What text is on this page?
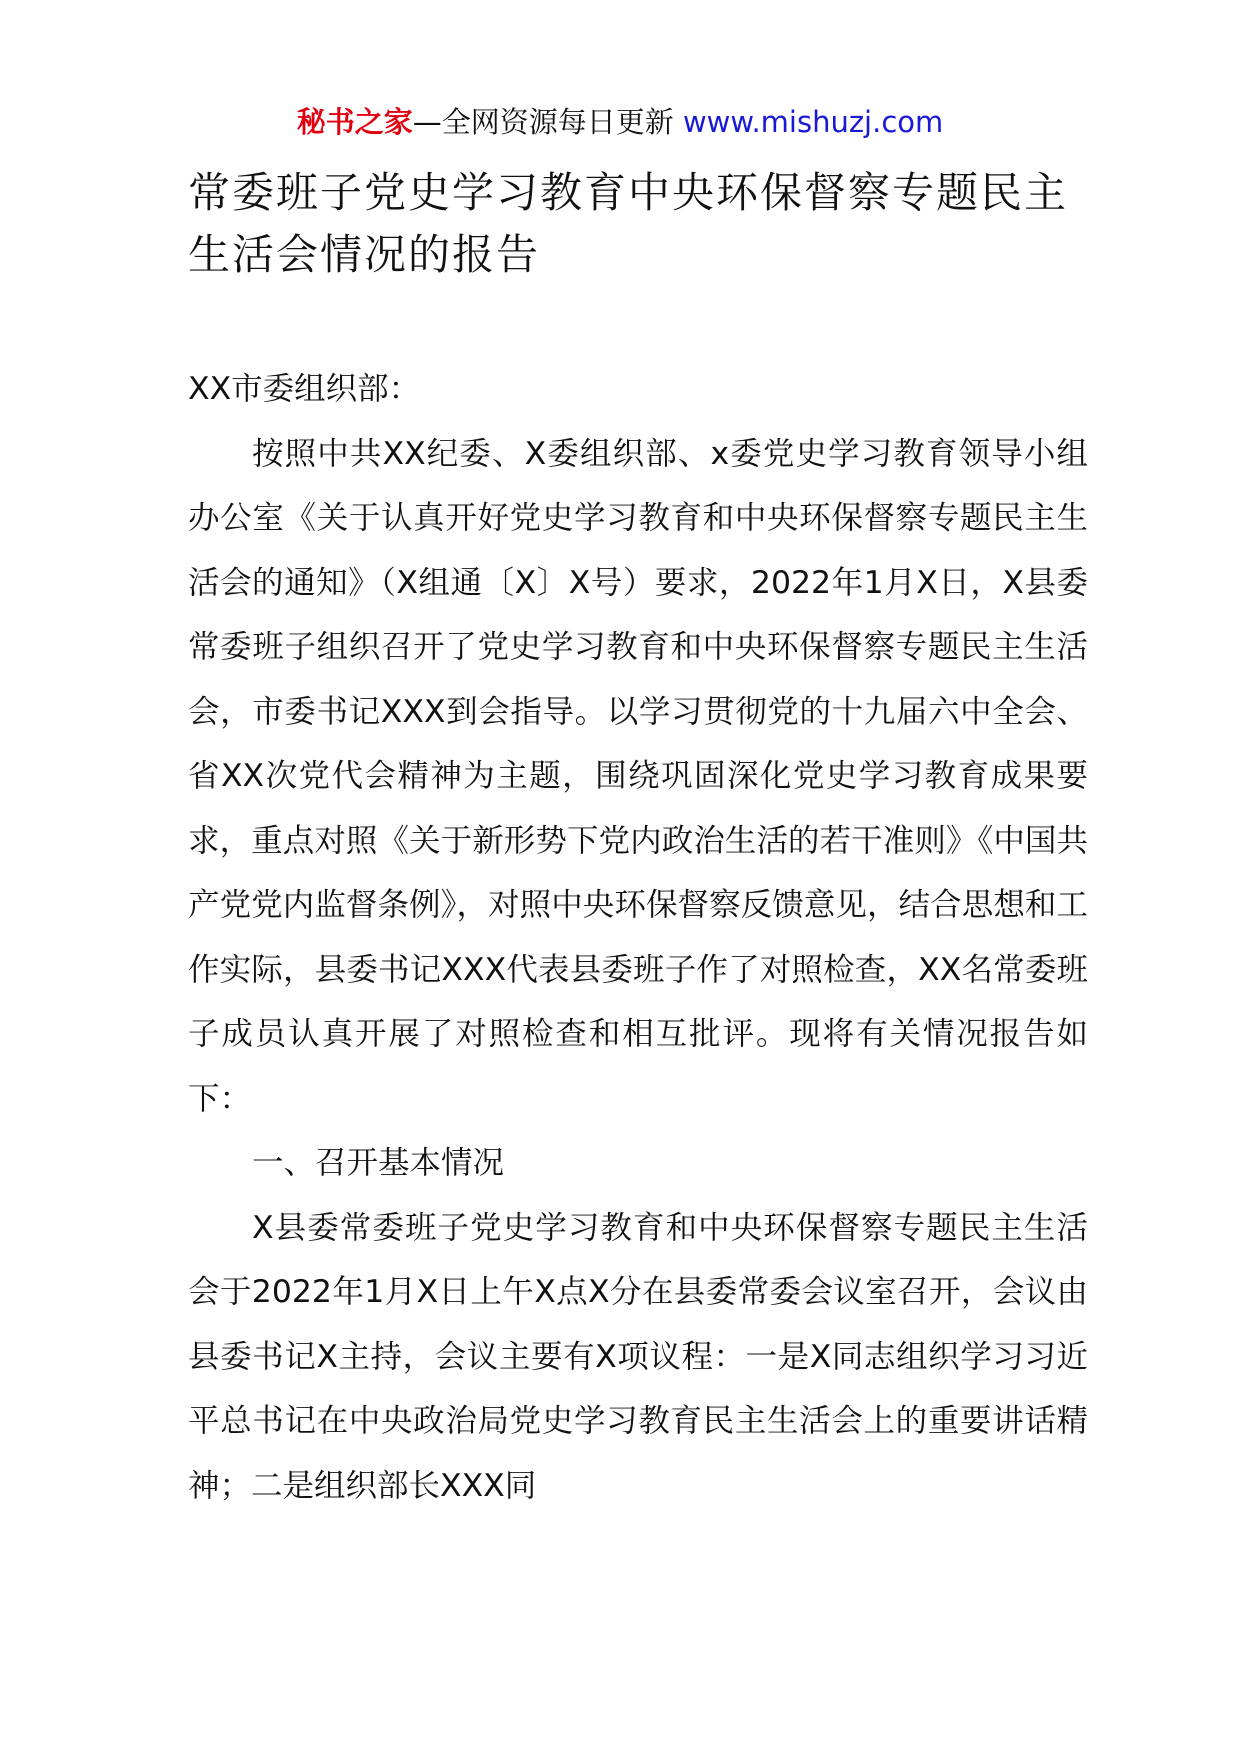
秘书之家—全网资源每日更新 www.mishuzj.com
常委班子党史学习教育中央环保督察专题民主生活会情况的报告

XX市委组织部：

按照中共XX纪委、X委组织部、x委党史学习教育领导小组办公室《关于认真开好党史学习教育和中央环保督察专题民主生活会的通知》（X组通〔X〕X号）要求，2022年1月X日，X县委常委班子组织召开了党史学习教育和中央环保督察专题民主生活会，市委书记XXX到会指导。以学习贯彻党的十九届六中全会、省XX次党代会精神为主题，围绕巩固深化党史学习教育成果要求，重点对照《关于新形势下党内政治生活的若干准则》《中国共产党党内监督条例》，对照中央环保督察反馈意见，结合思想和工作实际，县委书记XXX代表县委班子作了对照检查，XX名常委班子成员认真开展了对照检查和相互批评。现将有关情况报告如下：

一、召开基本情况

X县委常委班子党史学习教育和中央环保督察专题民主生活会于2022年1月X日上午X点X分在县委常委会议室召开，会议由县委书记X主持，会议主要有X项议程：一是X同志组织学习习近平总书记在中央政治局党史学习教育民主生活会上的重要讲话精神；二是组织部长XXX同
